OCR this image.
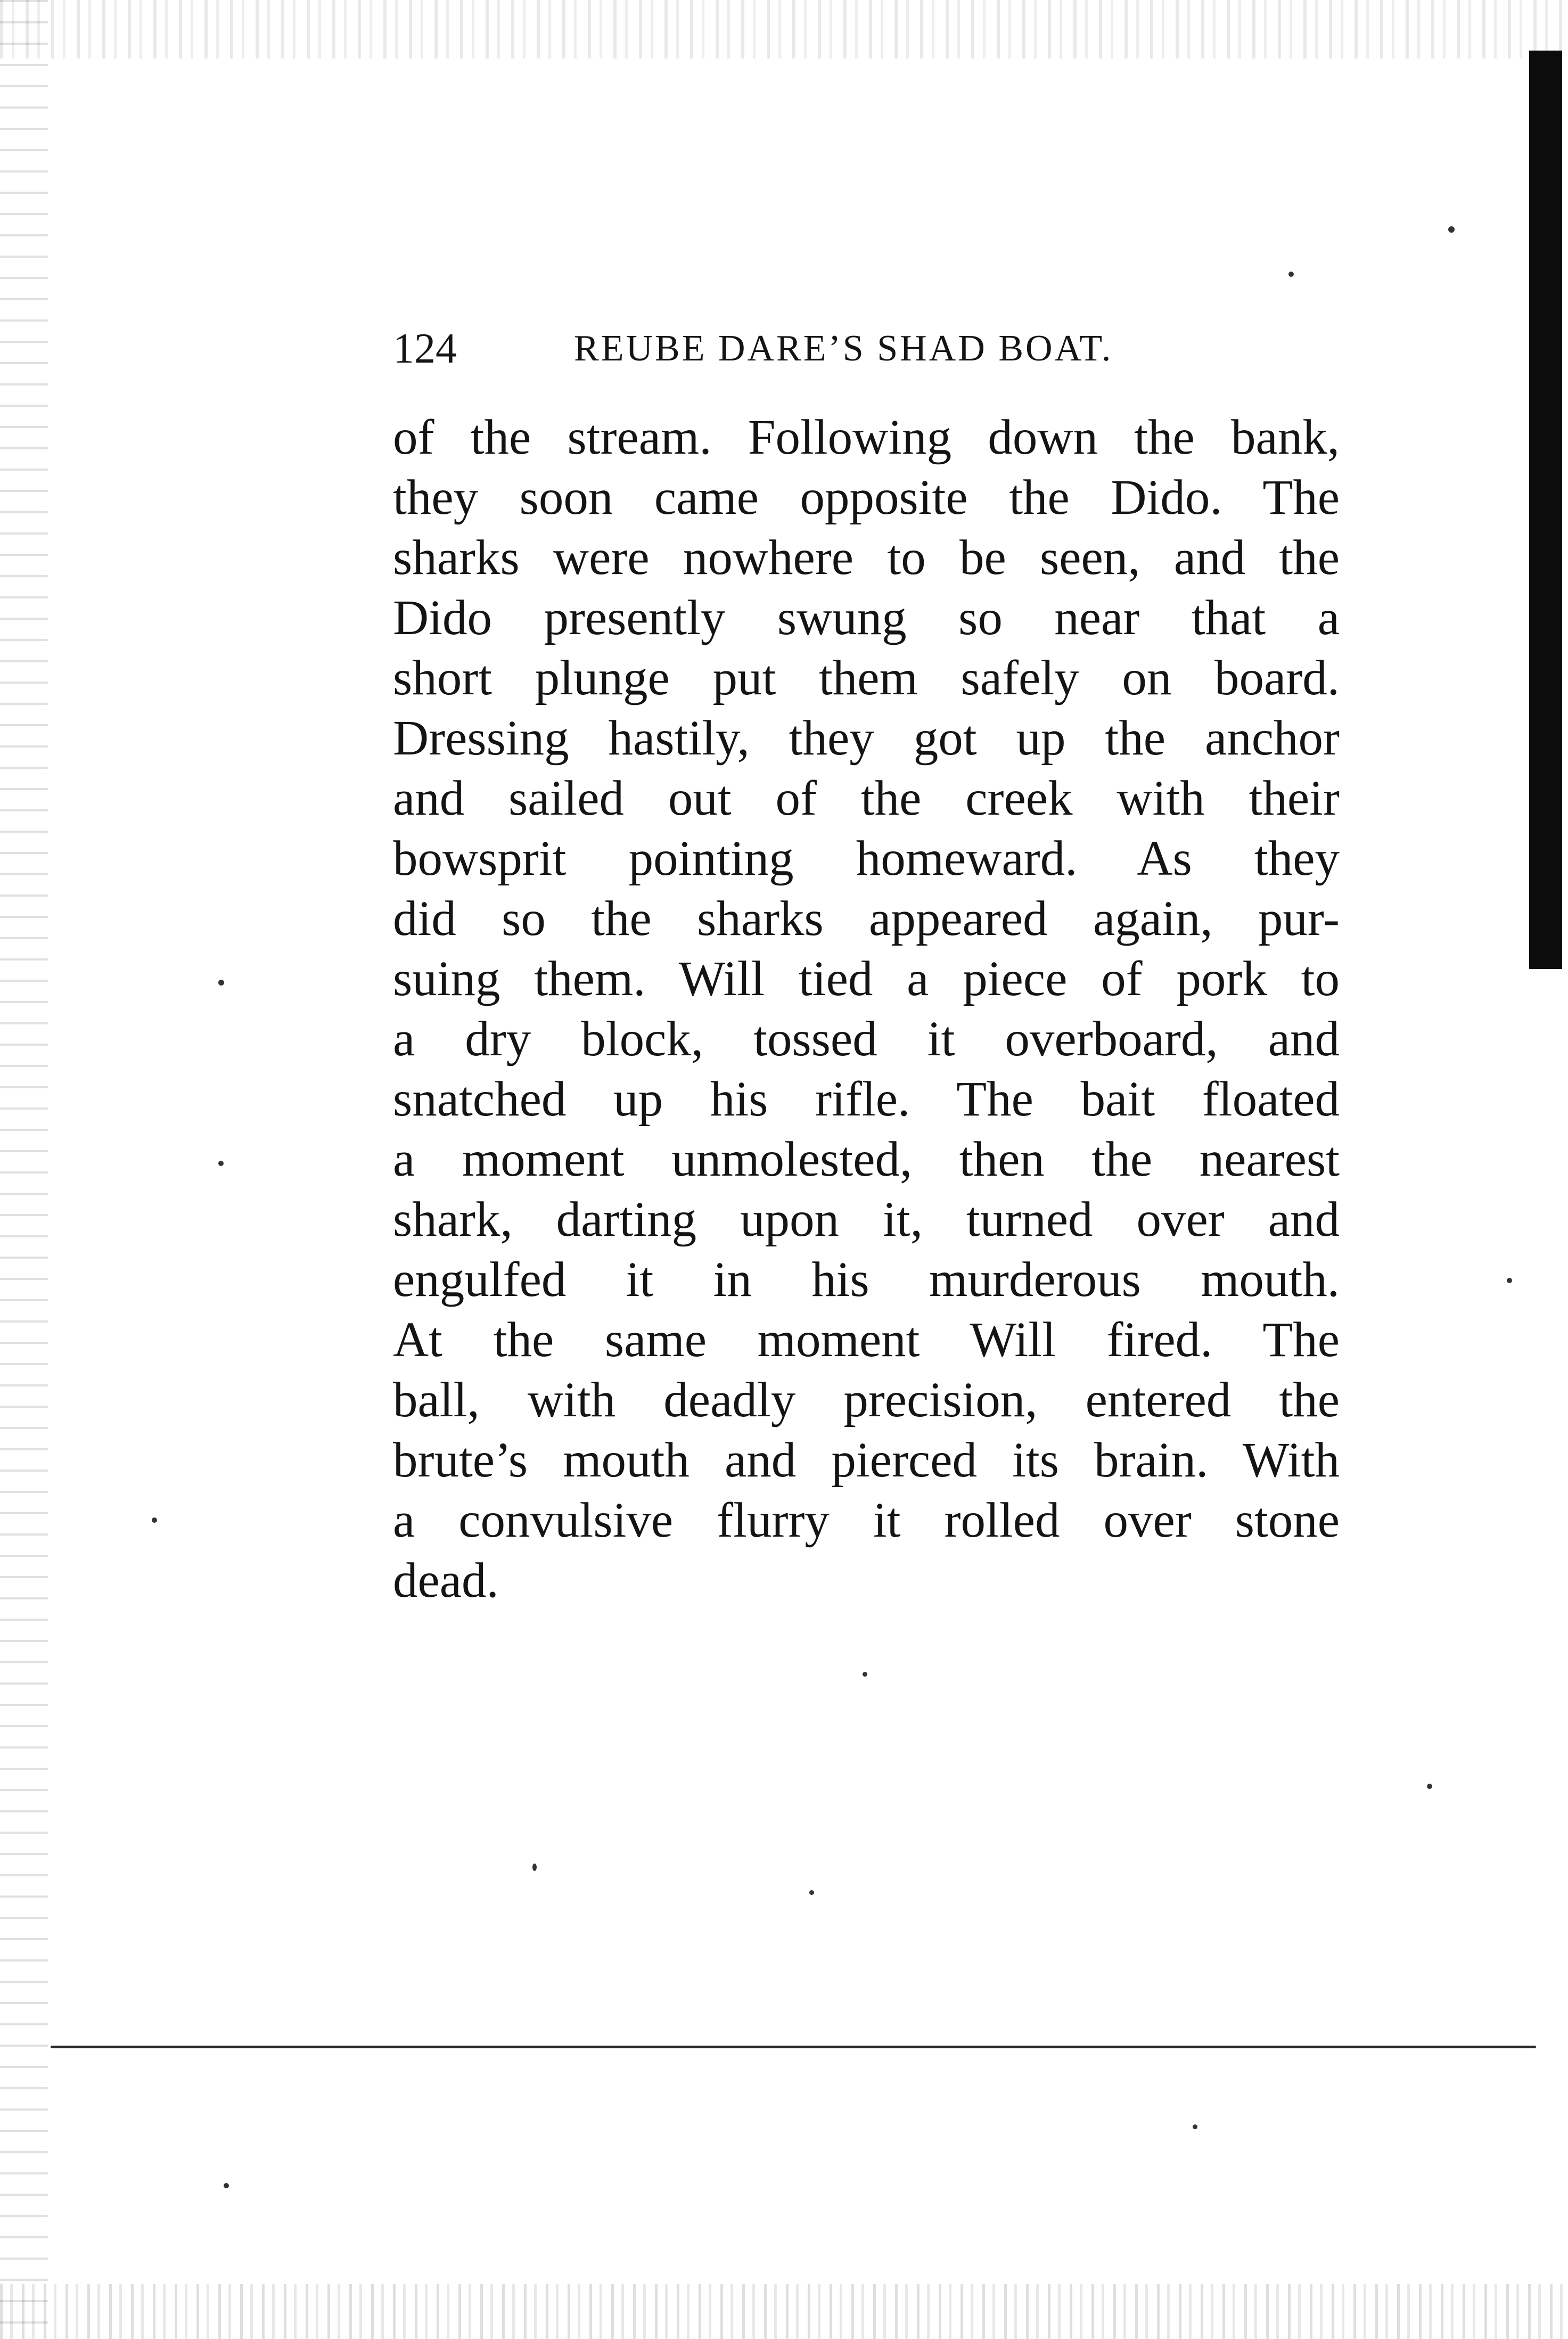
124	REUBE DARE’S SHAD BOAT.
of the stream. Following down the bank,
they soon came opposite the Dido. The
sharks were nowhere to be seen, and the
Dido presently swung so near that a
short plunge put them safely on board.
Dressing hastily, they got up the anchor
and sailed out of the creek with their
bowsprit pointing homeward. As they
did so the sharks appeared again, pur-
suing them. Will tied a piece of pork to
a dry block, tossed it overboard, and
snatched up his rifle. The bait floated
a moment unmolested, then the nearest
shark, darting upon it, turned over and
engulfed it in his murderous mouth.
At the same moment Will fired. The
ball, with deadly precision, entered the
brute’s mouth and pierced its brain. With
a convulsive flurry it rolled over stone
dead.
